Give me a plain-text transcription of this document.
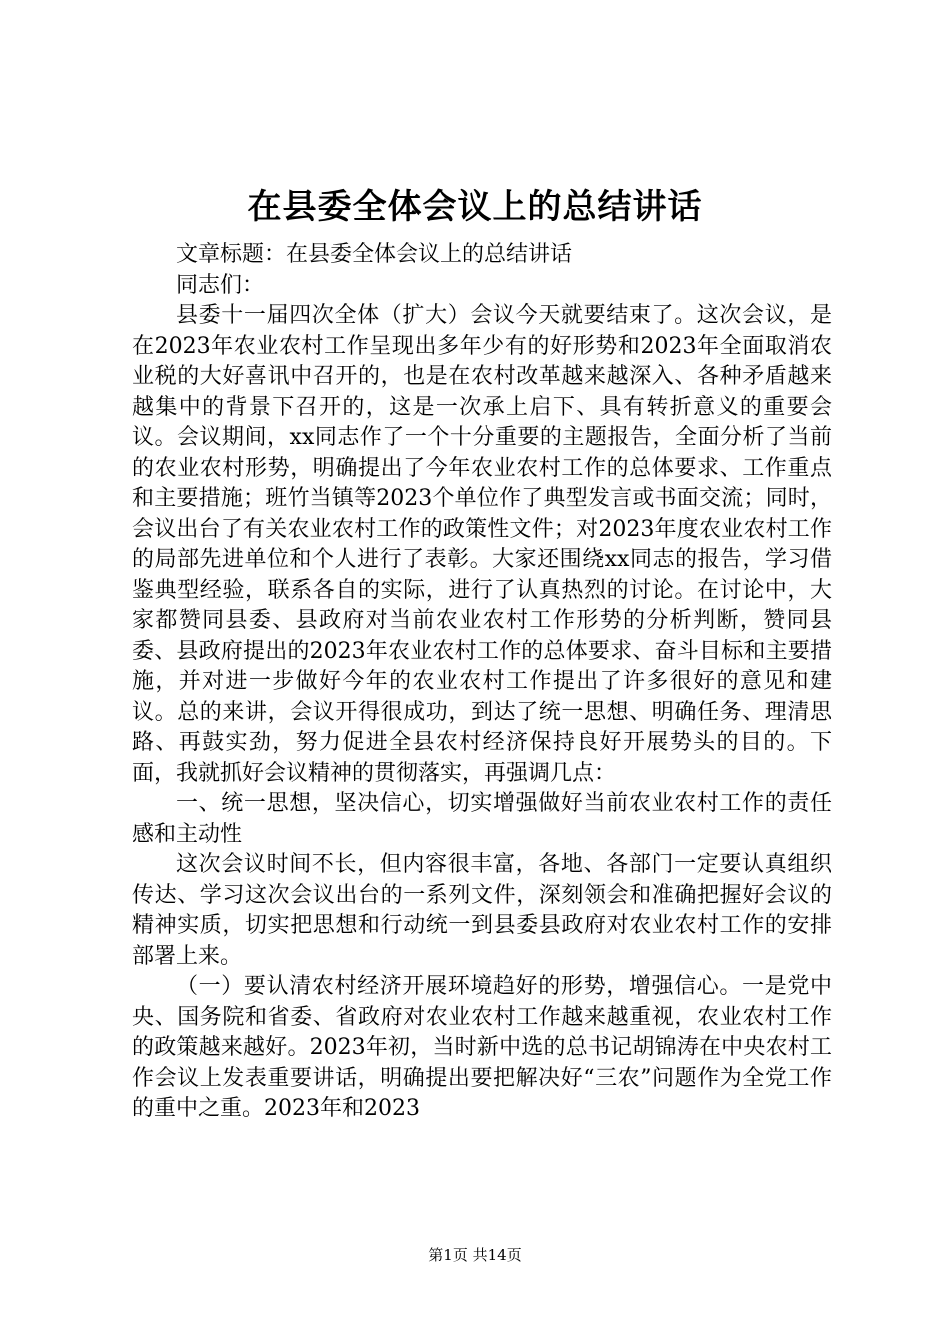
在县委全体会议上的总结讲话

文章标题：在县委全体会议上的总结讲话

同志们：

县委十一届四次全体（扩大）会议今天就要结束了。这次会议，是在2023年农业农村工作呈现出多年少有的好形势和2023年全面取消农业税的大好喜讯中召开的，也是在农村改革越来越深入、各种矛盾越来越集中的背景下召开的，这是一次承上启下、具有转折意义的重要会议。会议期间，xx同志作了一个十分重要的主题报告，全面分析了当前的农业农村形势，明确提出了今年农业农村工作的总体要求、工作重点和主要措施；班竹当镇等2023个单位作了典型发言或书面交流；同时，会议出台了有关农业农村工作的政策性文件；对2023年度农业农村工作的局部先进单位和个人进行了表彰。大家还围绕xx同志的报告，学习借鉴典型经验，联系各自的实际，进行了认真热烈的讨论。在讨论中，大家都赞同县委、县政府对当前农业农村工作形势的分析判断，赞同县委、县政府提出的2023年农业农村工作的总体要求、奋斗目标和主要措施，并对进一步做好今年的农业农村工作提出了许多很好的意见和建议。总的来讲，会议开得很成功，到达了统一思想、明确任务、理清思路、再鼓实劲，努力促进全县农村经济保持良好开展势头的目的。下面，我就抓好会议精神的贯彻落实，再强调几点：

一、统一思想，坚决信心，切实增强做好当前农业农村工作的责任感和主动性

这次会议时间不长，但内容很丰富，各地、各部门一定要认真组织传达、学习这次会议出台的一系列文件，深刻领会和准确把握好会议的精神实质，切实把思想和行动统一到县委县政府对农业农村工作的安排部署上来。

（一）要认清农村经济开展环境趋好的形势，增强信心。一是党中央、国务院和省委、省政府对农业农村工作越来越重视，农业农村工作的政策越来越好。2023年初，当时新中选的总书记胡锦涛在中央农村工作会议上发表重要讲话，明确提出要把解决好“三农”问题作为全党工作的重中之重。2023年和2023

第1页 共14页
